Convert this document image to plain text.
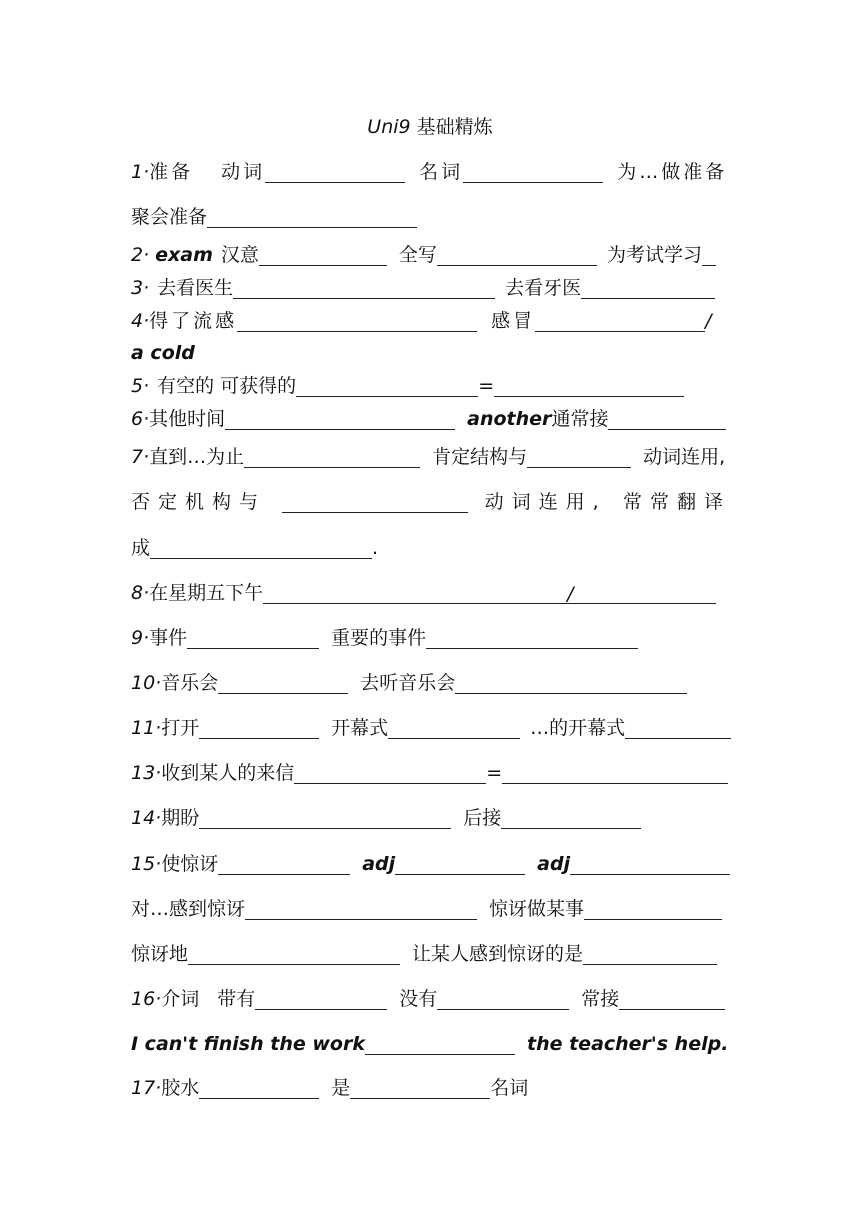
Uni9 基础精炼
1· 准备 动词	名词	为…做准备
聚会准备
2· exam 汉意	全写	为考试学习
3· 去看医生	去看牙医
4· 得了流感	感冒	/
a cold
5· 有空的 可获得的	=
6· 其他时间	another 通常接
7· 直到…为止	肯定结构与	动词连用,
否定机构与	动词连用, 常常翻译
成	.
8· 在星期五下午	/
9· 事件	重要的事件
10· 音乐会	去听音乐会
11· 打开	开幕式	…的开幕式
13· 收到某人的来信	=
14· 期盼	后接
15· 使惊讶	adj	adj
对…感到惊讶	惊讶做某事
惊讶地	让某人感到惊讶的是
16· 介词 带有	没有	常接
I can't finish the work	the teacher's help.
17· 胶水	是	名词
